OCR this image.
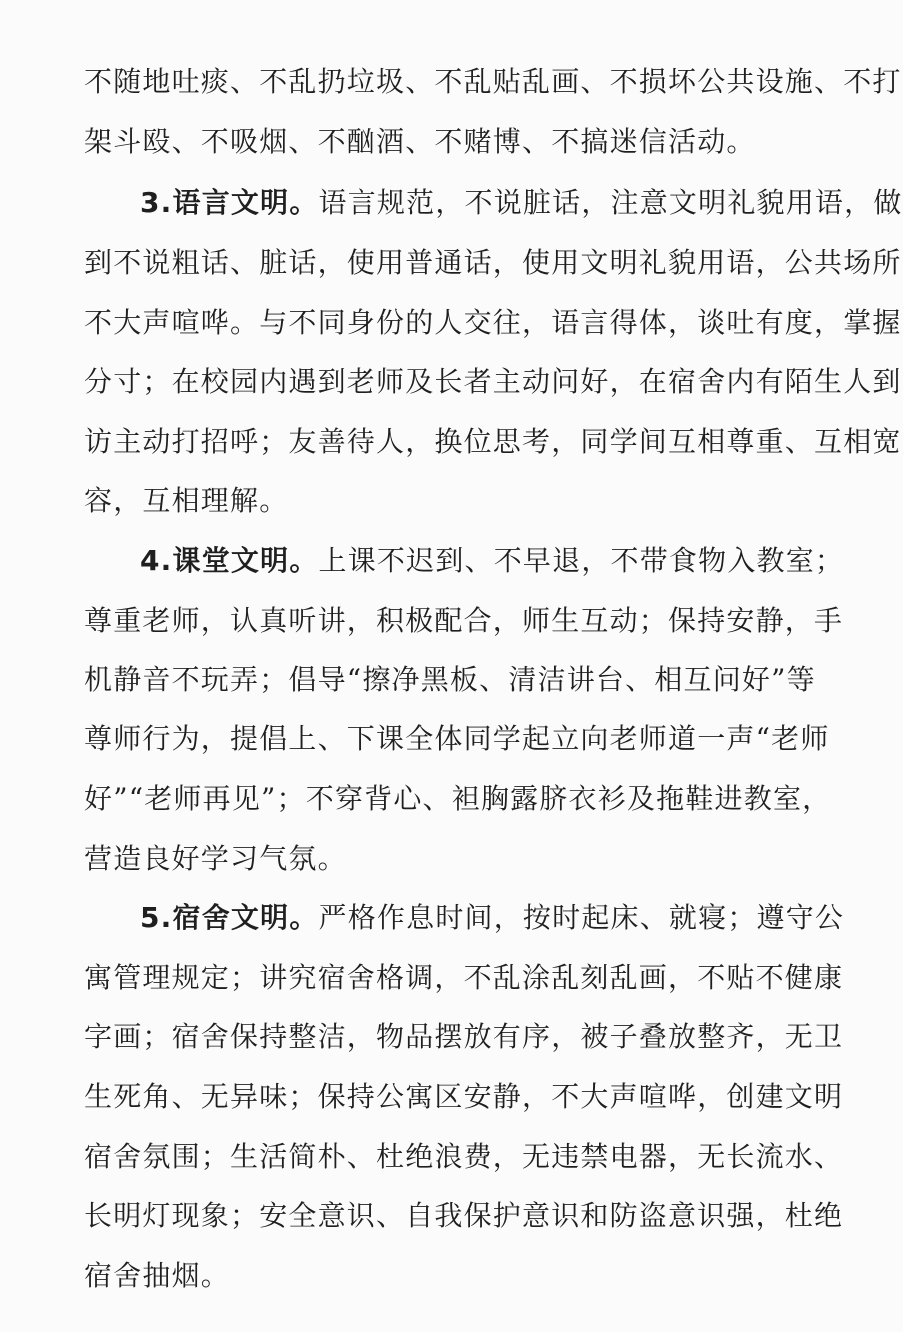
不随地吐痰、不乱扔垃圾、不乱贴乱画、不损坏公共设施、不打
架斗殴、不吸烟、不酗酒、不赌博、不搞迷信活动。
3.语言文明。语言规范，不说脏话，注意文明礼貌用语，做
到不说粗话、脏话，使用普通话，使用文明礼貌用语，公共场所
不大声喧哗。与不同身份的人交往，语言得体，谈吐有度，掌握
分寸；在校园内遇到老师及长者主动问好，在宿舍内有陌生人到
访主动打招呼；友善待人，换位思考，同学间互相尊重、互相宽
容，互相理解。
4.课堂文明。上课不迟到、不早退，不带食物入教室；
尊重老师，认真听讲，积极配合，师生互动；保持安静，手
机静音不玩弄；倡导“擦净黑板、清洁讲台、相互问好”等
尊师行为，提倡上、下课全体同学起立向老师道一声“老师
好”“老师再见”；不穿背心、袒胸露脐衣衫及拖鞋进教室，
营造良好学习气氛。
5.宿舍文明。严格作息时间，按时起床、就寝；遵守公
寓管理规定；讲究宿舍格调，不乱涂乱刻乱画，不贴不健康
字画；宿舍保持整洁，物品摆放有序，被子叠放整齐，无卫
生死角、无异味；保持公寓区安静，不大声喧哗，创建文明
宿舍氛围；生活简朴、杜绝浪费，无违禁电器，无长流水、
长明灯现象；安全意识、自我保护意识和防盗意识强，杜绝
宿舍抽烟。
